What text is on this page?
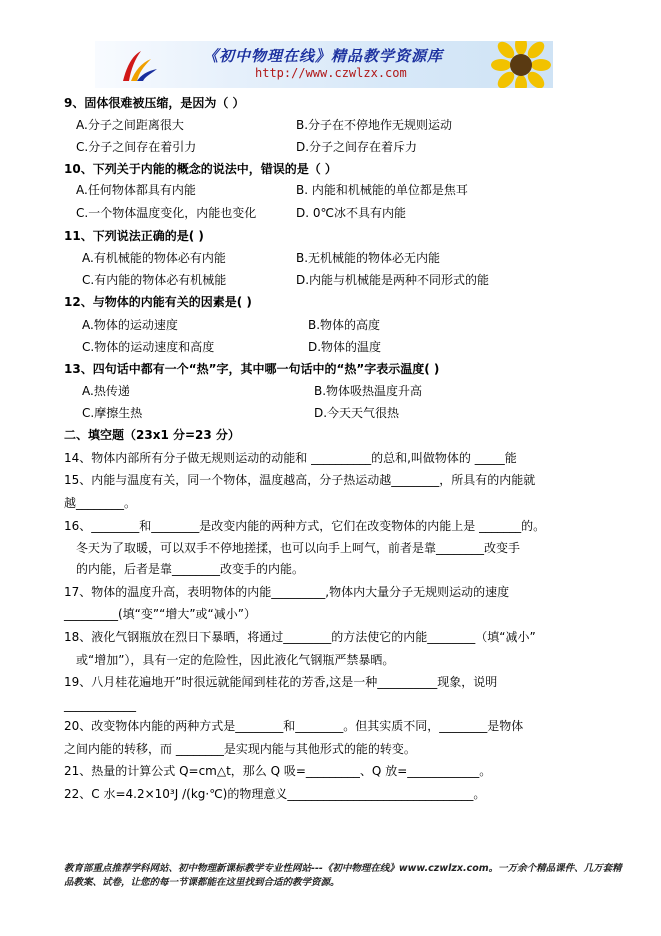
《初中物理在线》精品教学资源库
http://www.czwlzx.com
9、固体很难被压缩，是因为（ ）
A.分子之间距离很大	B.分子在不停地作无规则运动
C.分子之间存在着引力	D.分子之间存在着斥力
10、下列关于内能的概念的说法中，错误的是（ ）
A.任何物体都具有内能	B. 内能和机械能的单位都是焦耳
C.一个物体温度变化，内能也变化	D. 0℃冰不具有内能
11、下列说法正确的是( )
A.有机械能的物体必有内能	B.无机械能的物体必无内能
C.有内能的物体必有机械能	D.内能与机械能是两种不同形式的能
12、与物体的内能有关的因素是( )
A.物体的运动速度	B.物体的高度
C.物体的运动速度和高度	D.物体的温度
13、四句话中都有一个“热”字，其中哪一句话中的“热”字表示温度( )
A.热传递	B.物体吸热温度升高
C.摩擦生热	D.今天天气很热
二、填空题（23x1 分=23 分）
14、物体内部所有分子做无规则运动的动能和 __________的总和,叫做物体的 _____能
15、内能与温度有关，同一个物体，温度越高，分子热运动越________，所具有的内能就
越________。
16、________和________是改变内能的两种方式，它们在改变物体的内能上是 _______的。
冬天为了取暖，可以双手不停地搓揉，也可以向手上呵气，前者是靠________改变手
的内能，后者是靠________改变手的内能。
17、物体的温度升高，表明物体的内能_________,物体内大量分子无规则运动的速度
_________(填“变”“增大”或“减小”）
18、液化气钢瓶放在烈日下暴晒，将通过________的方法使它的内能________（填“减小”
或“增加”），具有一定的危险性，因此液化气钢瓶严禁暴晒。
19、八月桂花遍地开”时很远就能闻到桂花的芳香,这是一种__________现象，说明
____________
20、改变物体内能的两种方式是________和________。但其实质不同，________是物体
之间内能的转移，而 ________是实现内能与其他形式的能的转变。
21、热量的计算公式 Q=cm△t，那么 Q 吸=_________、Q 放=____________。
22、C 水=4.2×10³J /(kg·℃)的物理意义_______________________________。
教育部重点推荐学科网站、初中物理新课标教学专业性网站---《初中物理在线》www.czwlzx.com。一万余个精品课件、几万套精品教案、试卷，让您的每一节课都能在这里找到合适的教学资源。
